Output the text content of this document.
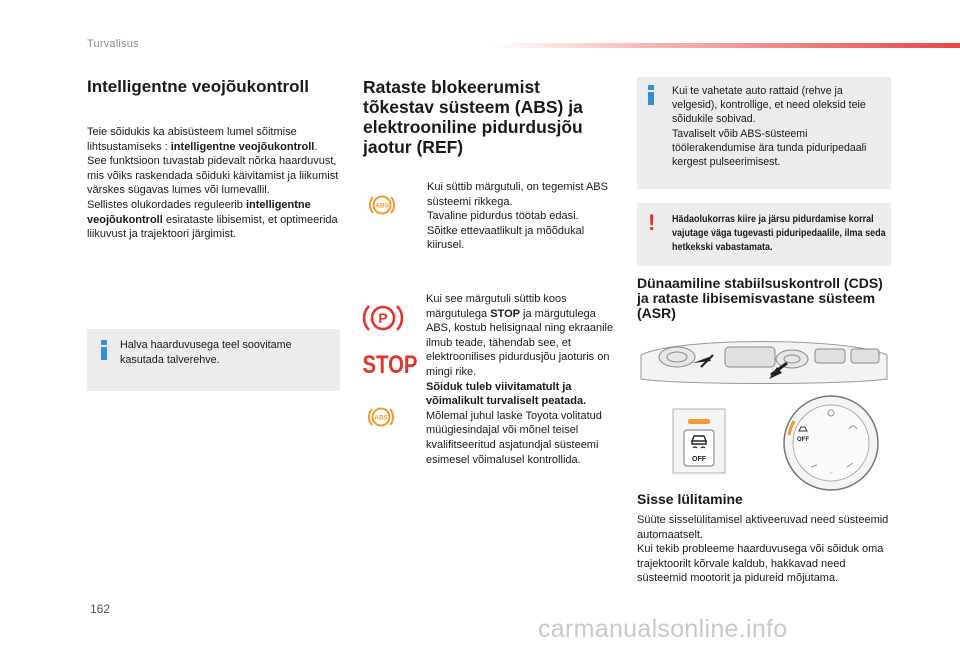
Turvalisus
Intelligentne veojõukontroll
Teie sõidukis ka abisüsteem lumel sõitmise lihtsustamiseks : intelligentne veojõukontroll.
See funktsioon tuvastab pidevalt nõrka haarduvust, mis võiks raskendada sõiduki käivitamist ja liikumist värskes sügavas lumes või lumevallil.
Sellistes olukordades reguleerib intelligentne veojõukontroll esirataste libisemist, et optimeerida liikuvust ja trajektoori järgimist.
Halva haarduvusega teel soovitame kasutada talverehve.
Rataste blokeerumist tõkestav süsteem (ABS) ja elektrooniline pidurdusjõu jaotur (REF)
ABS
Kui süttib märgutuli, on tegemist ABS süsteemi rikkega.
Tavaline pidurdus töötab edasi.
Sõitke ettevaatlikult ja mõõdukal kiirusel.
P
STOP
ABS
Kui see märgutuli süttib koos märgutulega STOP ja märgutulega ABS, kostub helisignaal ning ekraanile ilmub teade, tähendab see, et elektroonilises pidurdusjõu jaoturis on mingi rike.
Sõiduk tuleb viivitamatult ja võimalikult turvaliselt peatada.
Mõlemal juhul laske Toyota volitatud müügiesindajal või mõnel teisel kvalifitseeritud asjatundjal süsteemi esimesel võimalusel kontrollida.
Kui te vahetate auto rattaid (rehve ja velgesid), kontrollige, et need oleksid teie sõidukile sobivad.
Tavaliselt võib ABS-süsteemi töölerakendumise ära tunda piduripedaali kergest pulseerimisest.
! Hädaolukorras kiire ja järsu pidurdamise korral vajutage väga tugevasti piduripedaalile, ilma seda hetkekski vabastamata.
Dünaamiline stabiilsuskontroll (CDS) ja rataste libisemisvastane süsteem (ASR)
OFF
OFF
~
Sisse lülitamine
Süüte sisselülitamisel aktiveeruvad need süsteemid automaatselt.
Kui tekib probleeme haarduvusega või sõiduk oma trajektoorilt kõrvale kaldub, hakkavad need süsteemid mootorit ja pidureid mõjutama.
162
carmanualsonline.info
